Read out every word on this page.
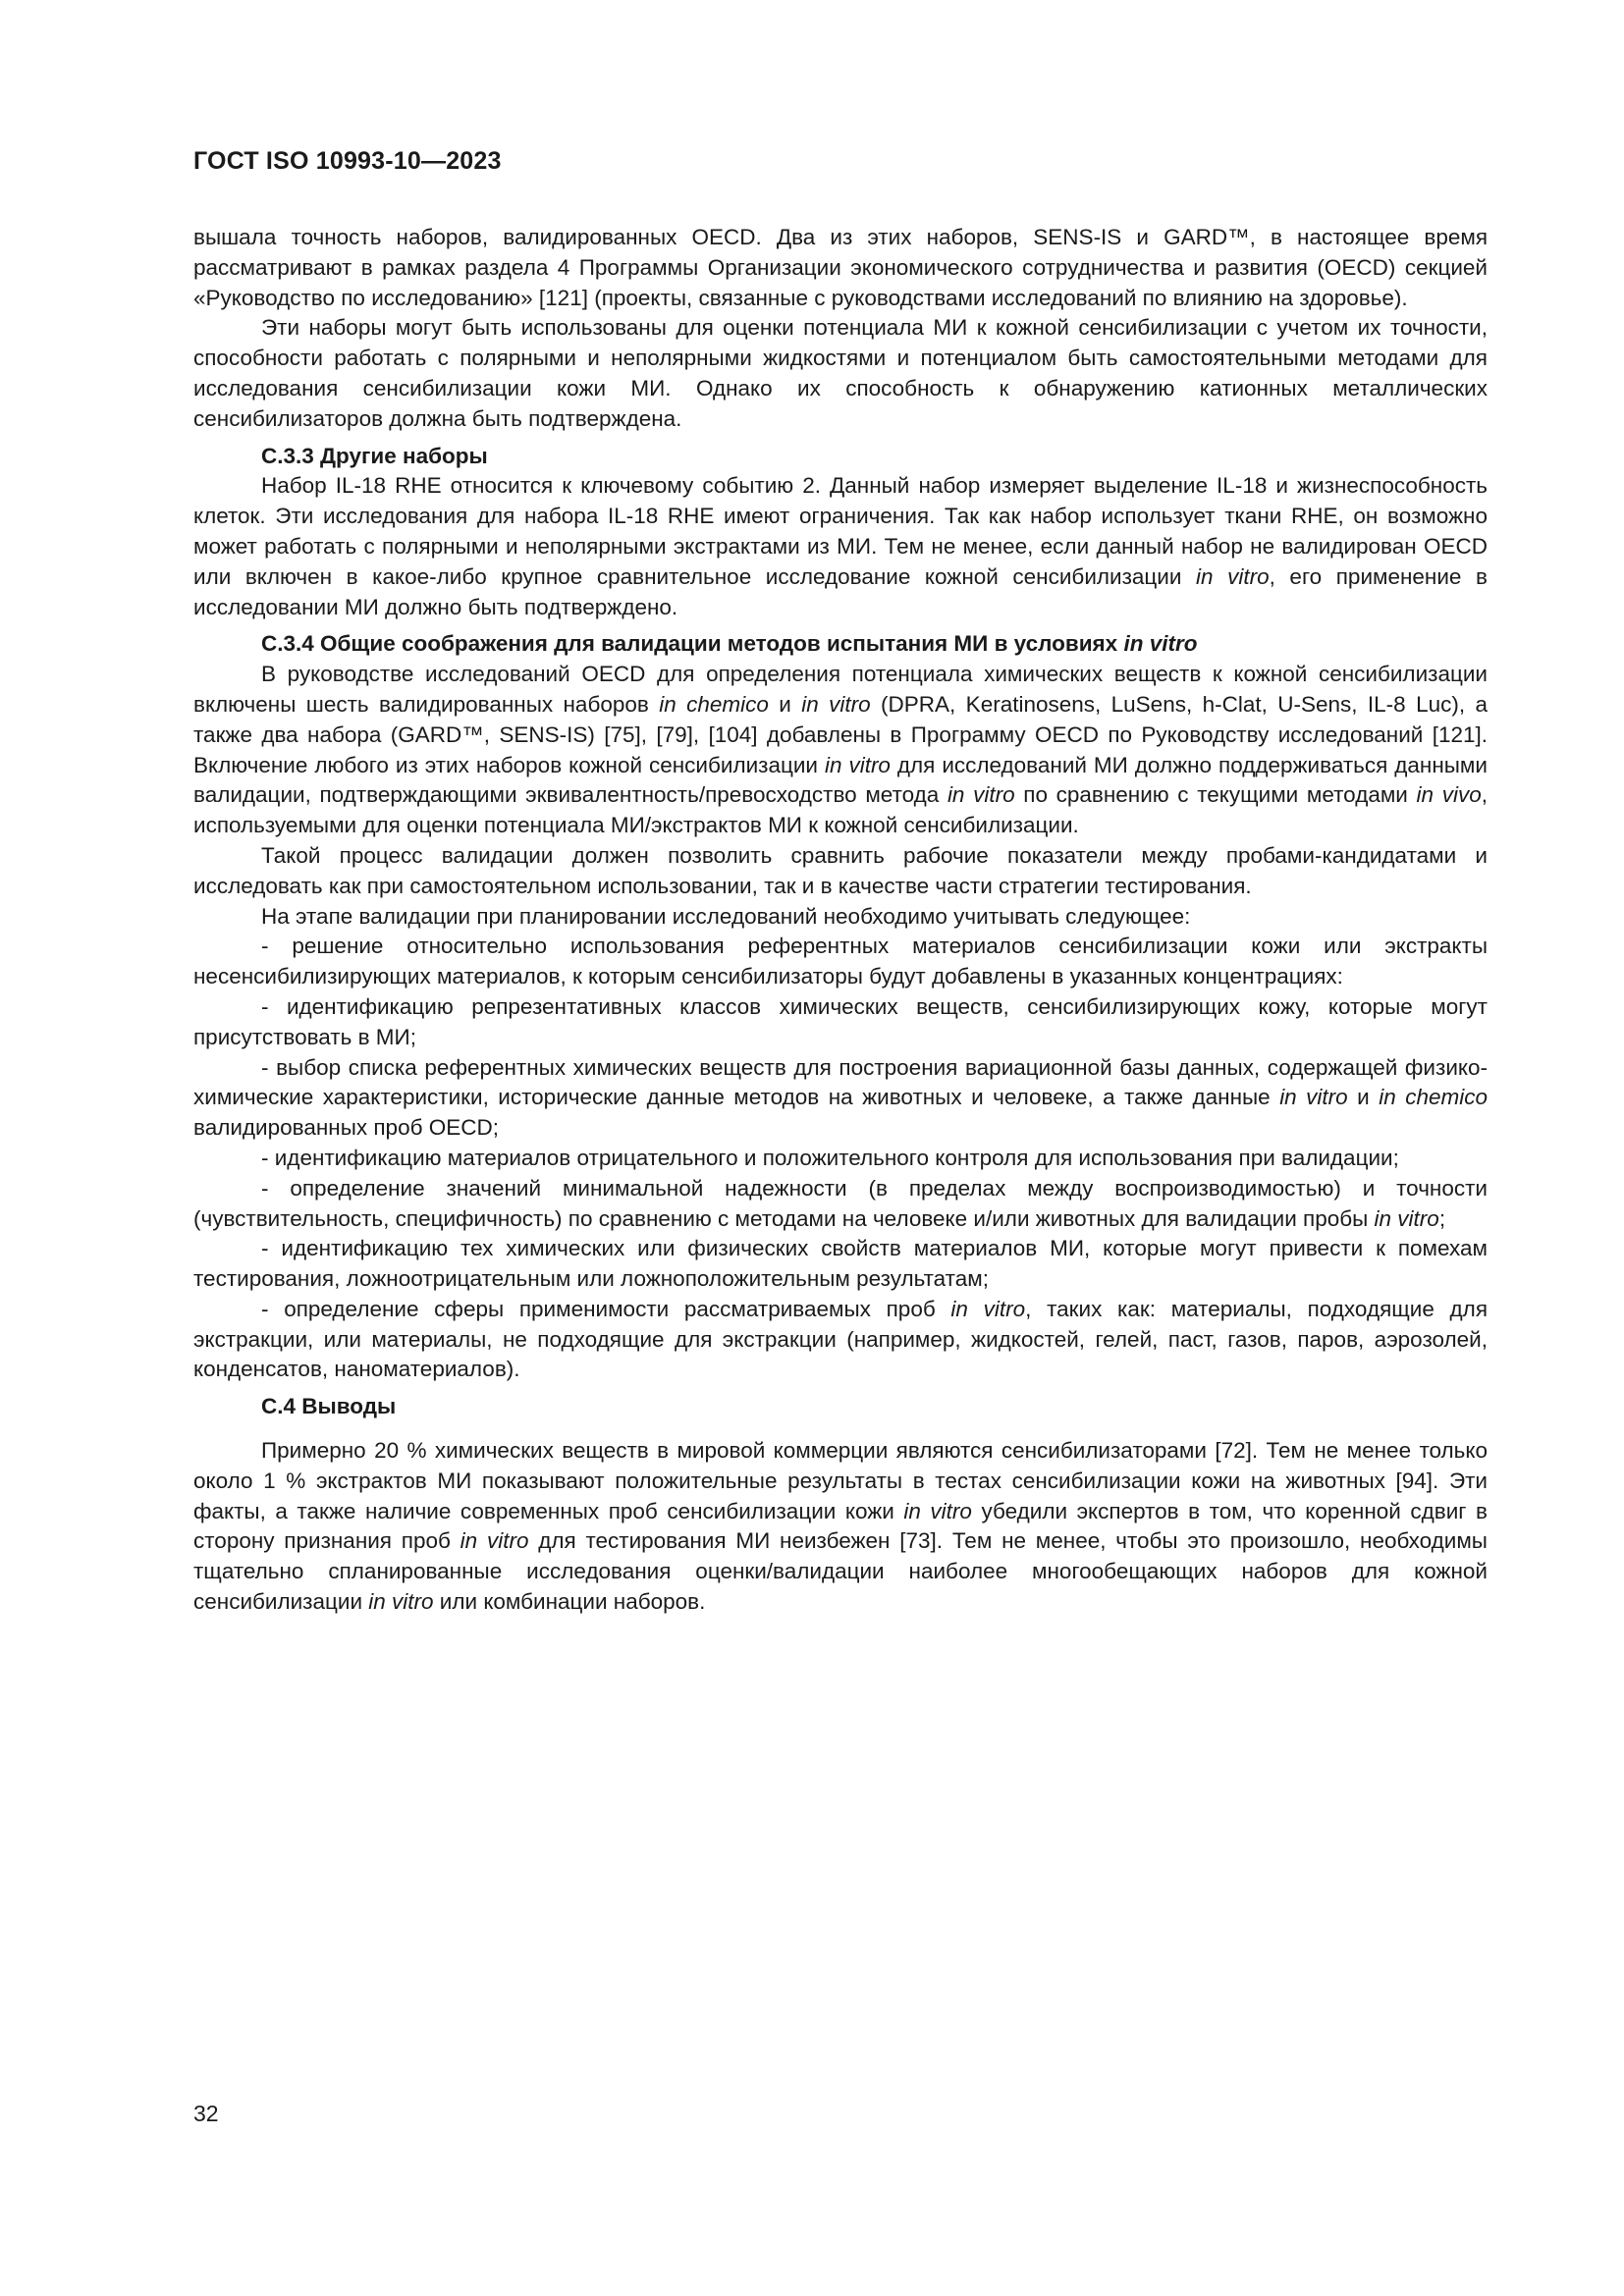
ГОСТ ISO 10993-10—2023

вышала точность наборов, валидированных OECD. Два из этих наборов, SENS-IS и GARD™, в настоящее время рассматривают в рамках раздела 4 Программы Организации экономического сотрудничества и развития (OECD) секцией «Руководство по исследованию» [121] (проекты, связанные с руководствами исследований по влиянию на здоровье).

Эти наборы могут быть использованы для оценки потенциала МИ к кожной сенсибилизации с учетом их точности, способности работать с полярными и неполярными жидкостями и потенциалом быть самостоятельными методами для исследования сенсибилизации кожи МИ. Однако их способность к обнаружению катионных металлических сенсибилизаторов должна быть подтверждена.

С.3.3 Другие наборы

Набор IL-18 RHE относится к ключевому событию 2. Данный набор измеряет выделение IL-18 и жизнеспособность клеток. Эти исследования для набора IL-18 RHE имеют ограничения. Так как набор использует ткани RHE, он возможно может работать с полярными и неполярными экстрактами из МИ. Тем не менее, если данный набор не валидирован OECD или включен в какое-либо крупное сравнительное исследование кожной сенсибилизации in vitro, его применение в исследовании МИ должно быть подтверждено.

С.3.4 Общие соображения для валидации методов испытания МИ в условиях in vitro

В руководстве исследований OECD для определения потенциала химических веществ к кожной сенсибилизации включены шесть валидированных наборов in chemico и in vitro (DPRA, Keratinosens, LuSens, h-Clat, U-Sens, IL-8 Luc), а также два набора (GARD™, SENS-IS) [75], [79], [104] добавлены в Программу OECD по Руководству исследований [121]. Включение любого из этих наборов кожной сенсибилизации in vitro для исследований МИ должно поддерживаться данными валидации, подтверждающими эквивалентность/превосходство метода in vitro по сравнению с текущими методами in vivo, используемыми для оценки потенциала МИ/экстрактов МИ к кожной сенсибилизации.

Такой процесс валидации должен позволить сравнить рабочие показатели между пробами-кандидатами и исследовать как при самостоятельном использовании, так и в качестве части стратегии тестирования.

На этапе валидации при планировании исследований необходимо учитывать следующее:

- решение относительно использования референтных материалов сенсибилизации кожи или экстракты несенсибилизирующих материалов, к которым сенсибилизаторы будут добавлены в указанных концентрациях:

- идентификацию репрезентативных классов химических веществ, сенсибилизирующих кожу, которые могут присутствовать в МИ;

- выбор списка референтных химических веществ для построения вариационной базы данных, содержащей физико-химические характеристики, исторические данные методов на животных и человеке, а также данные in vitro и in chemico валидированных проб OECD;

- идентификацию материалов отрицательного и положительного контроля для использования при валидации;

- определение значений минимальной надежности (в пределах между воспроизводимостью) и точности (чувствительность, специфичность) по сравнению с методами на человеке и/или животных для валидации пробы in vitro;

- идентификацию тех химических или физических свойств материалов МИ, которые могут привести к помехам тестирования, ложноотрицательным или ложноположительным результатам;

- определение сферы применимости рассматриваемых проб in vitro, таких как: материалы, подходящие для экстракции, или материалы, не подходящие для экстракции (например, жидкостей, гелей, паст, газов, паров, аэрозолей, конденсатов, наноматериалов).

С.4 Выводы

Примерно 20 % химических веществ в мировой коммерции являются сенсибилизаторами [72]. Тем не менее только около 1 % экстрактов МИ показывают положительные результаты в тестах сенсибилизации кожи на животных [94]. Эти факты, а также наличие современных проб сенсибилизации кожи in vitro убедили экспертов в том, что коренной сдвиг в сторону признания проб in vitro для тестирования МИ неизбежен [73]. Тем не менее, чтобы это произошло, необходимы тщательно спланированные исследования оценки/валидации наиболее многообещающих наборов для кожной сенсибилизации in vitro или комбинации наборов.

32
